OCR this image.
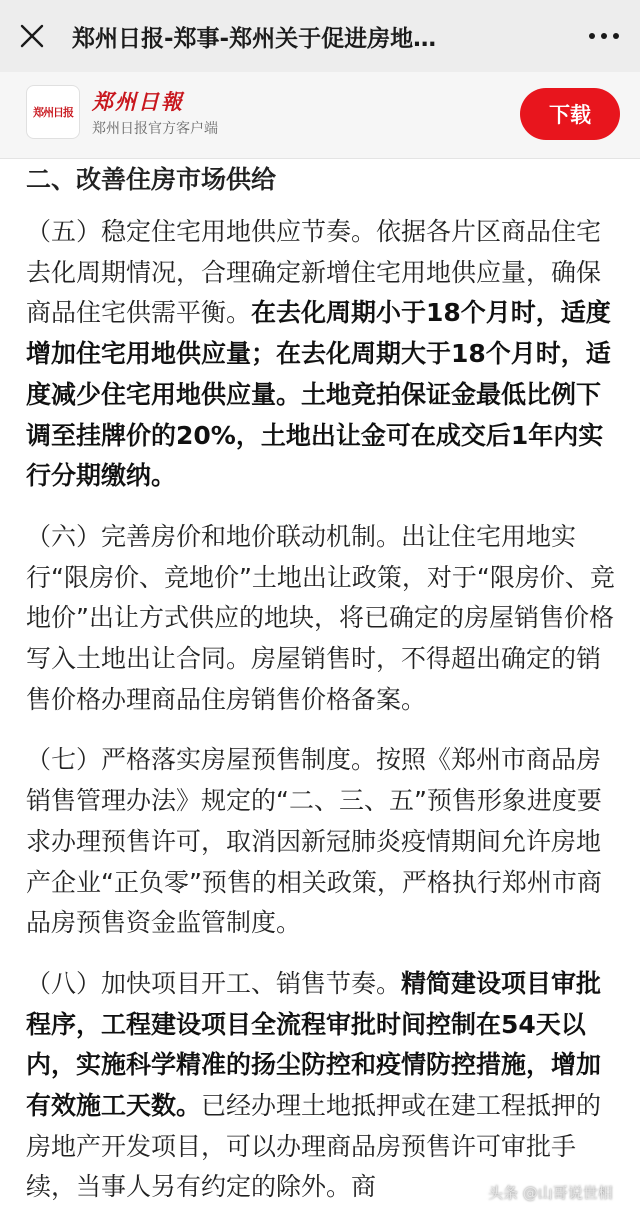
郑州日报-郑事-郑州关于促进房地…
郑州日报 郑州日報
郑州日报官方客户端
下载
二、改善住房市场供给

（五）稳定住宅用地供应节奏。依据各片区商品住宅去化周期情况，合理确定新增住宅用地供应量，确保商品住宅供需平衡。在去化周期小于18个月时，适度增加住宅用地供应量；在去化周期大于18个月时，适度减少住宅用地供应量。土地竞拍保证金最低比例下调至挂牌价的20%，土地出让金可在成交后1年内实行分期缴纳。

（六）完善房价和地价联动机制。出让住宅用地实行“限房价、竞地价”土地出让政策，对于“限房价、竞地价”出让方式供应的地块，将已确定的房屋销售价格写入土地出让合同。房屋销售时，不得超出确定的销售价格办理商品住房销售价格备案。

（七）严格落实房屋预售制度。按照《郑州市商品房销售管理办法》规定的“二、三、五”预售形象进度要求办理预售许可，取消因新冠肺炎疫情期间允许房地产企业“正负零”预售的相关政策，严格执行郑州市商品房预售资金监管制度。

（八）加快项目开工、销售节奏。精简建设项目审批程序，工程建设项目全流程审批时间控制在54天以内，实施科学精准的扬尘防控和疫情防控措施，增加有效施工天数。已经办理土地抵押或在建工程抵押的房地产开发项目，可以办理商品房预售许可审批手续，当事人另有约定的除外。商	头条 @山哥说世相
